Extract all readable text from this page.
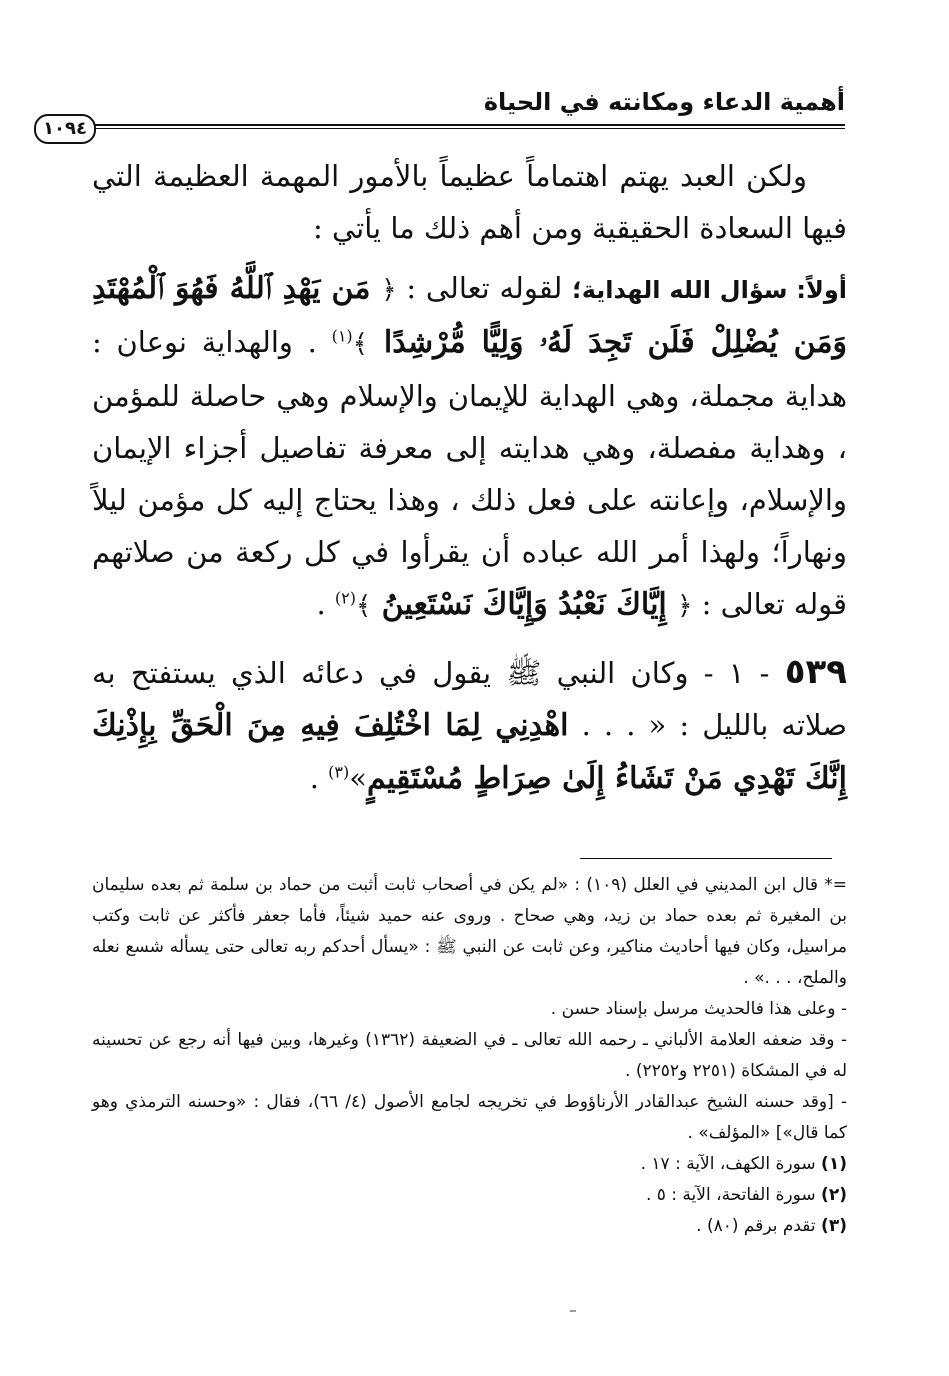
أهمية الدعاء ومكانته في الحياة
١٠٩٤

ولكن العبد يهتم اهتماماً عظيماً بالأمور المهمة العظيمة التي فيها السعادة الحقيقية ومن أهم ذلك ما يأتي :

أولاً: سؤال الله الهداية؛ لقوله تعالى : ﴿ مَن يَهْدِ ٱللَّهُ فَهُوَ ٱلْمُهْتَدِ وَمَن يُضْلِلْ فَلَن تَجِدَ لَهُۥ وَلِيًّا مُّرْشِدًا ﴾$^{(١)}$ . والهداية نوعان : هداية مجملة، وهي الهداية للإيمان والإسلام وهي حاصلة للمؤمن ، وهداية مفصلة، وهي هدايته إلى معرفة تفاصيل أجزاء الإيمان والإسلام، وإعانته على فعل ذلك ، وهذا يحتاج إليه كل مؤمن ليلاً ونهاراً؛ ولهذا أمر الله عباده أن يقرأوا في كل ركعة من صلاتهم قوله تعالى : ﴿ إِيَّاكَ نَعْبُدُ وَإِيَّاكَ نَسْتَعِينُ ﴾$^{(٢)}$ .

٥٣٩ - ١ - وكان النبي ﷺ يقول في دعائه الذي يستفتح به صلاته بالليل : « . . . اهْدِنِي لِمَا اخْتُلِفَ فِيهِ مِنَ الْحَقِّ بِإِذْنِكَ إِنَّكَ تَهْدِي مَنْ تَشَاءُ إِلَىٰ صِرَاطٍ مُسْتَقِيمٍ»$^{(٣)}$ .

=* قال ابن المديني في العلل (١٠٩) : «لم يكن في أصحاب ثابت أثبت من حماد بن سلمة ثم بعده سليمان بن المغيرة ثم بعده حماد بن زيد، وهي صحاح . وروى عنه حميد شيئاً، فأما جعفر فأكثر عن ثابت وكتب مراسيل، وكان فيها أحاديث مناكير، وعن ثابت عن النبي ﷺ : «يسأل أحدكم ربه تعالى حتى يسأله شسع نعله والملح، . . .» .

- وعلى هذا فالحديث مرسل بإسناد حسن .

- وقد ضعفه العلامة الألباني ـ رحمه الله تعالى ـ في الضعيفة (١٣٦٢) وغيرها، وبين فيها أنه رجع عن تحسينه له في المشكاة (٢٢٥١ و٢٢٥٢) .

- [وقد حسنه الشيخ عبدالقادر الأرناؤوط في تخريجه لجامع الأصول (٤/ ٦٦)، فقال : «وحسنه الترمذي وهو كما قال»] «المؤلف» .

(١) سورة الكهف، الآية : ١٧ .

(٢) سورة الفاتحة، الآية : ٥ .

(٣) تقدم برقم (٨٠) .
